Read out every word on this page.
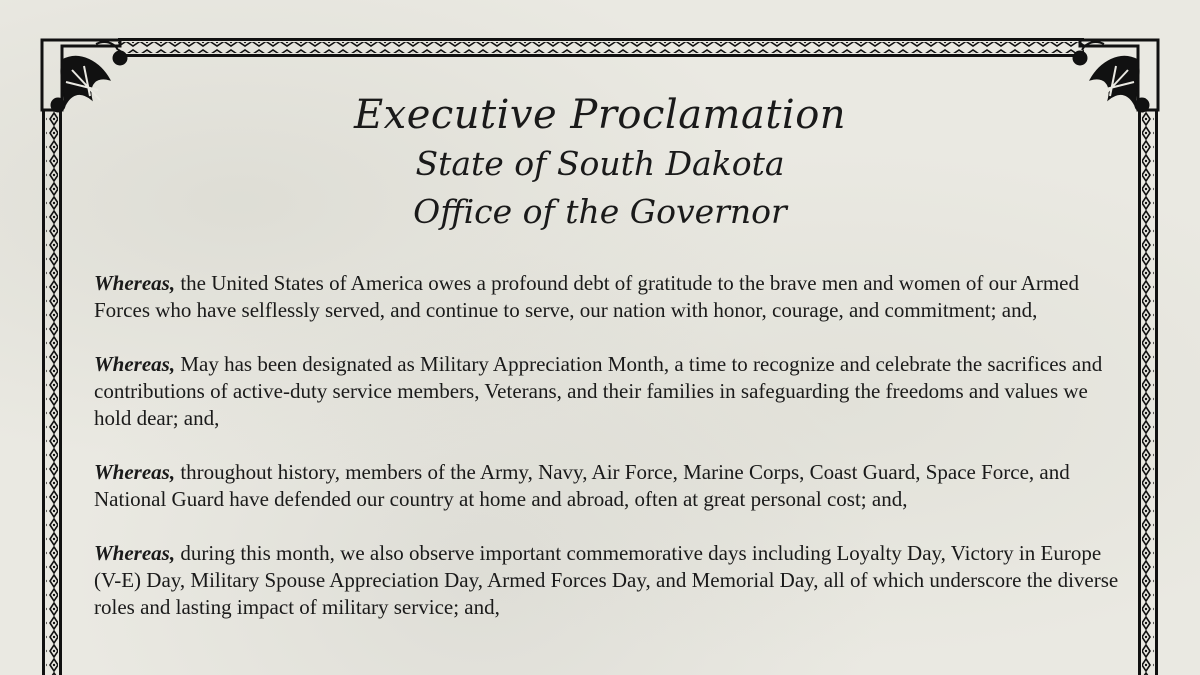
Executive Proclamation
State of South Dakota
Office of the Governor

Whereas, the United States of America owes a profound debt of gratitude to the brave men and women of our Armed Forces who have selflessly served, and continue to serve, our nation with honor, courage, and commitment; and,

Whereas, May has been designated as Military Appreciation Month, a time to recognize and celebrate the sacrifices and contributions of active-duty service members, Veterans, and their families in safeguarding the freedoms and values we hold dear; and,

Whereas, throughout history, members of the Army, Navy, Air Force, Marine Corps, Coast Guard, Space Force, and National Guard have defended our country at home and abroad, often at great personal cost; and,

Whereas, during this month, we also observe important commemorative days including Loyalty Day, Victory in Europe (V-E) Day, Military Spouse Appreciation Day, Armed Forces Day, and Memorial Day, all of which underscore the diverse roles and lasting impact of military service; and,
